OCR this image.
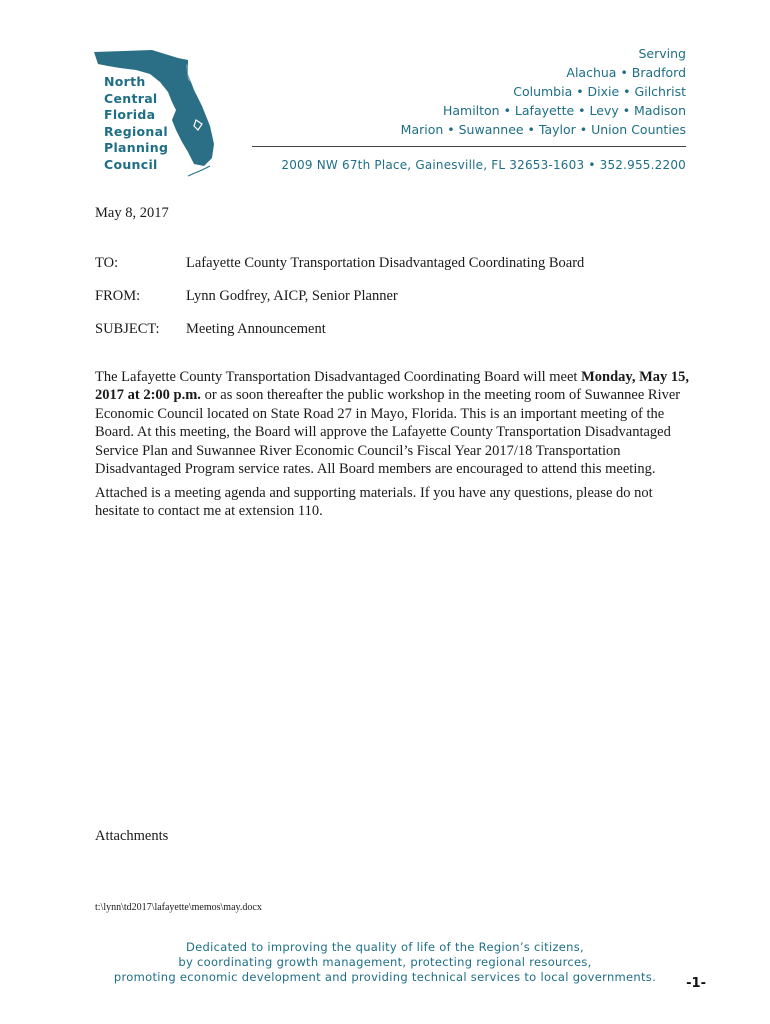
North
Central
Florida
Regional
Planning
Council
Serving
Alachua • Bradford
Columbia • Dixie • Gilchrist
Hamilton • Lafayette • Levy • Madison
Marion • Suwannee • Taylor • Union Counties
2009 NW 67th Place, Gainesville, FL 32653-1603 • 352.955.2200
May 8, 2017
TO:	Lafayette County Transportation Disadvantaged Coordinating Board
FROM:	Lynn Godfrey, AICP, Senior Planner
SUBJECT: Meeting Announcement
The Lafayette County Transportation Disadvantaged Coordinating Board will meet Monday, May 15, 2017 at 2:00 p.m. or as soon thereafter the public workshop in the meeting room of Suwannee River Economic Council located on State Road 27 in Mayo, Florida. This is an important meeting of the Board. At this meeting, the Board will approve the Lafayette County Transportation Disadvantaged Service Plan and Suwannee River Economic Council’s Fiscal Year 2017/18 Transportation Disadvantaged Program service rates. All Board members are encouraged to attend this meeting.
Attached is a meeting agenda and supporting materials. If you have any questions, please do not hesitate to contact me at extension 110.
Attachments
t:\lynn\td2017\lafayette\memos\may.docx
Dedicated to improving the quality of life of the Region’s citizens,
by coordinating growth management, protecting regional resources,
promoting economic development and providing technical services to local governments.	-1-
